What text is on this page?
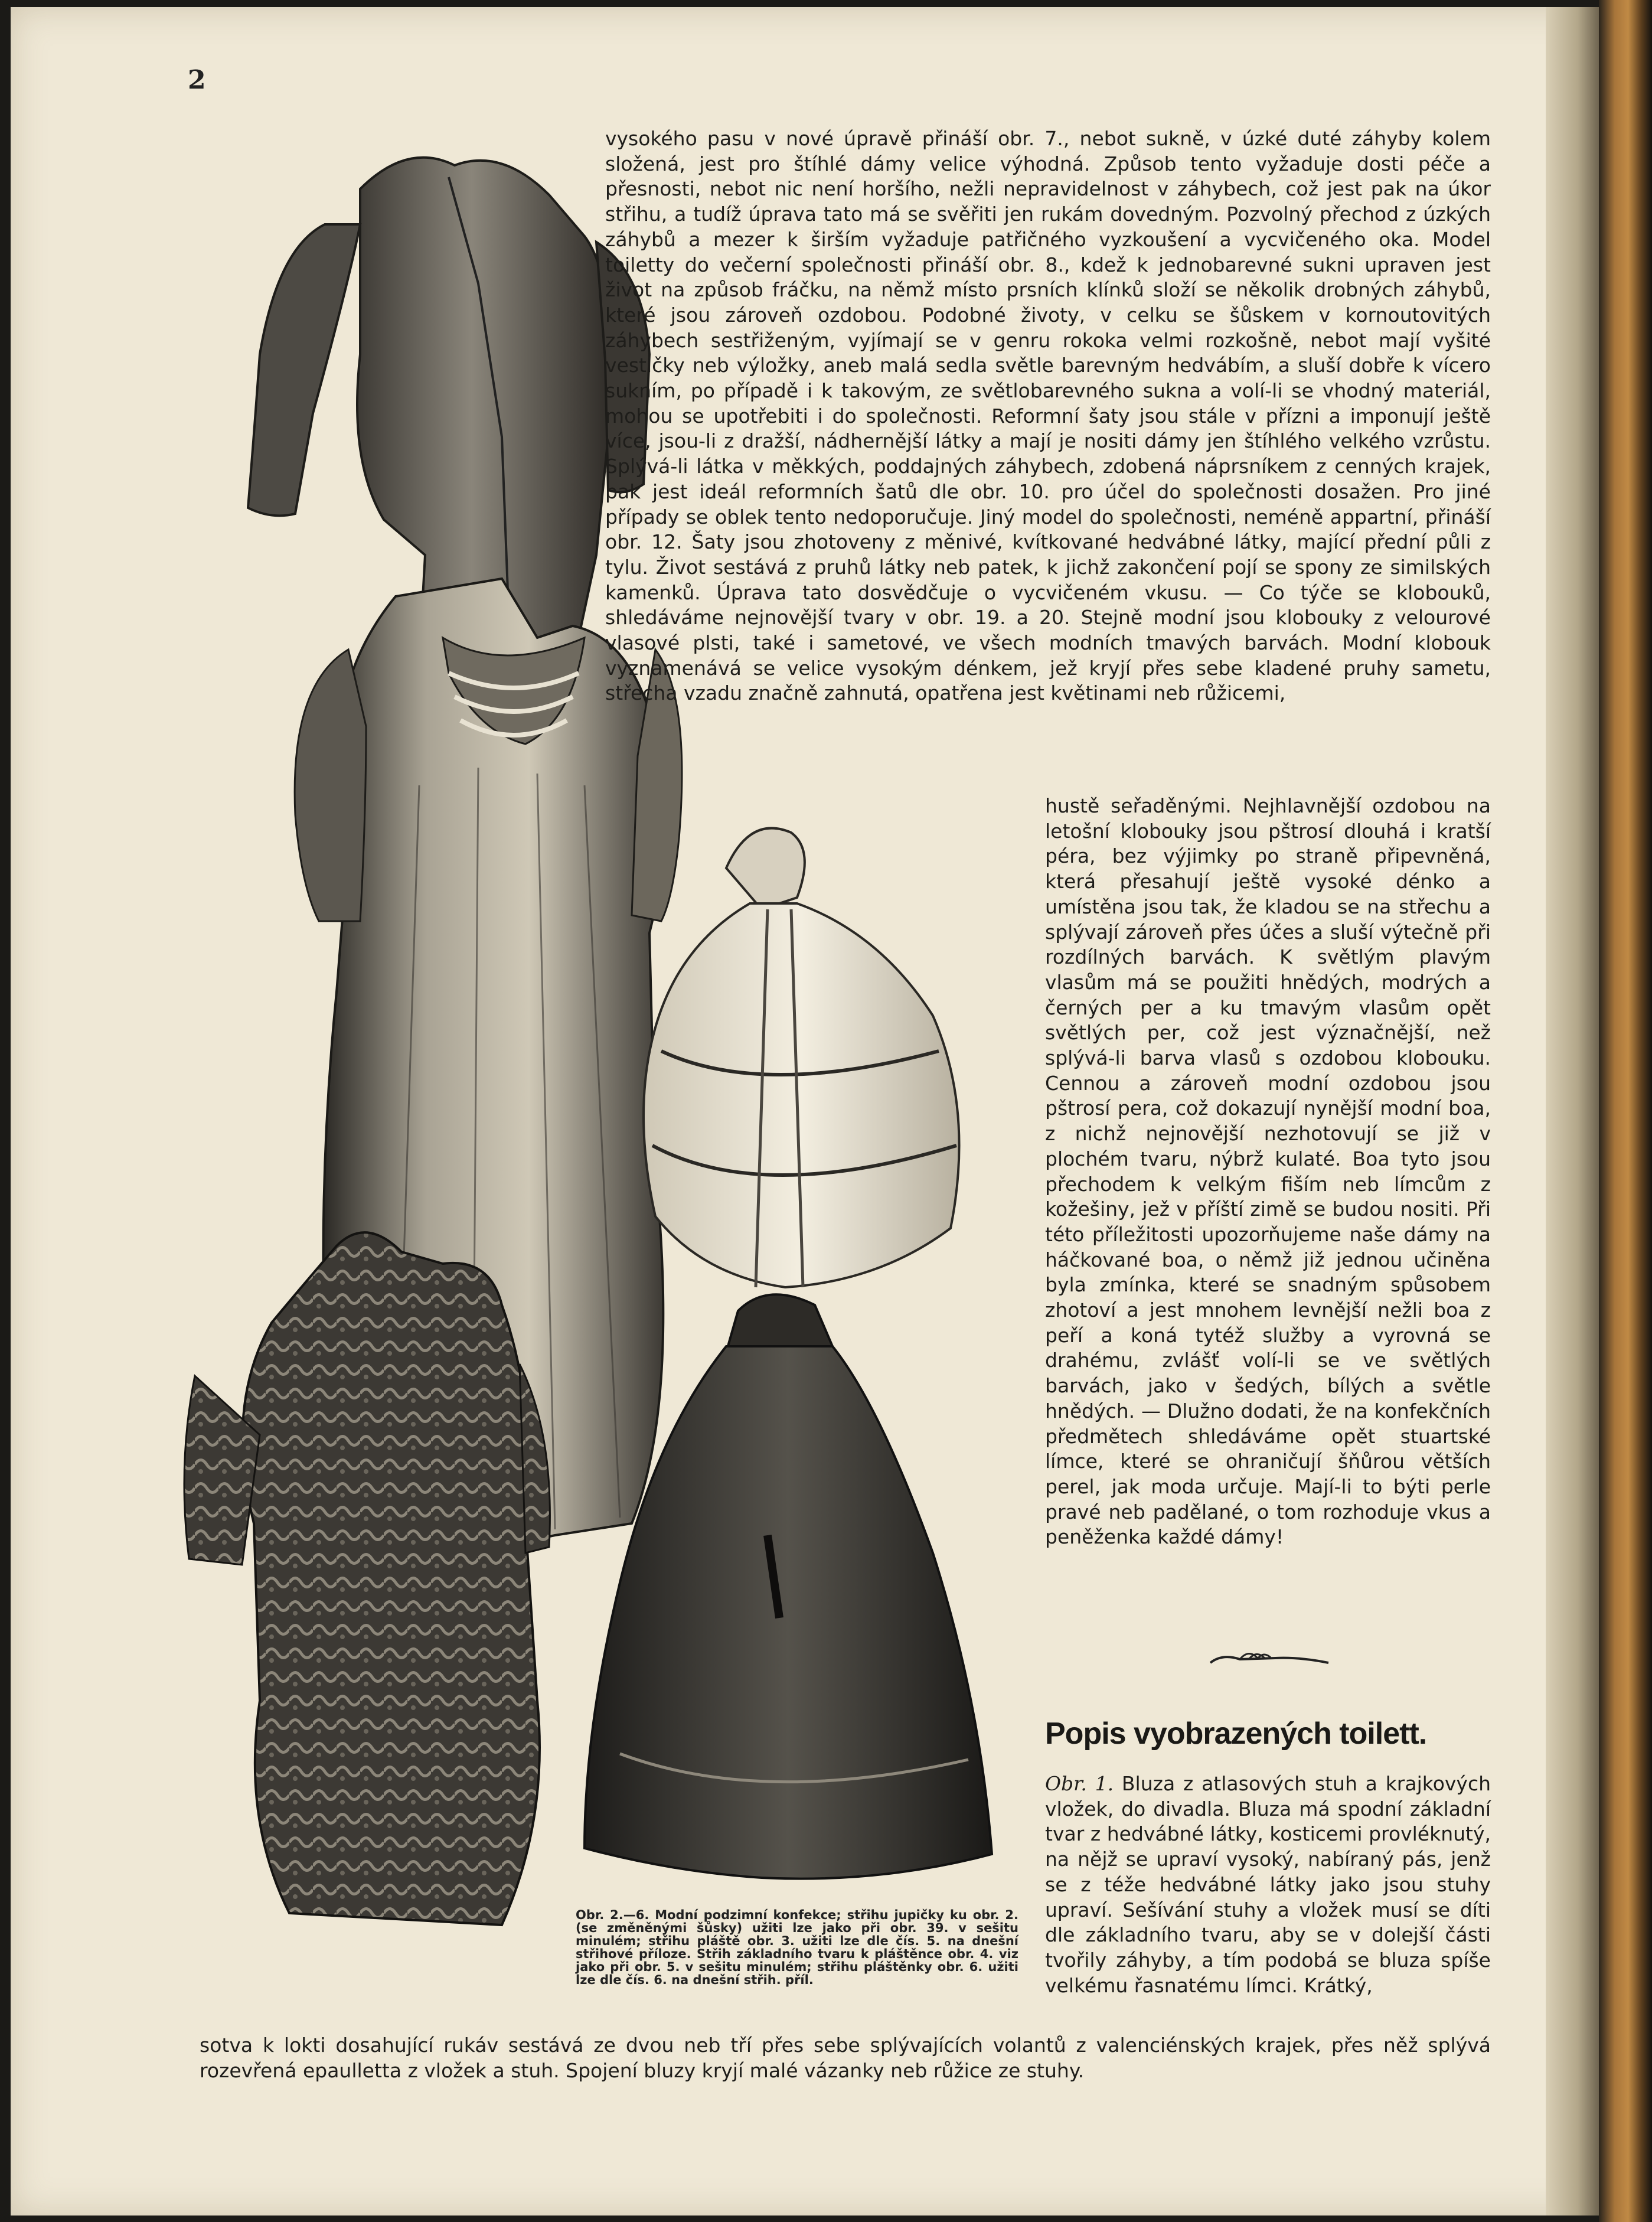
2

vysokého pasu v nové úpravě přináší obr. 7., nebot sukně, v úzké duté záhyby kolem složená, jest pro štíhlé dámy velice výhodná. Způsob tento vyžaduje dosti péče a přesnosti, nebot nic není horšího, nežli nepravidelnost v záhybech, což jest pak na úkor střihu, a tudíž úprava tato má se svěřiti jen rukám dovedným. Pozvolný přechod z úzkých záhybů a mezer k širším vyžaduje patřičného vyzkoušení a vycvičeného oka. Model toiletty do večerní společnosti přináší obr. 8., kdež k jednobarevné sukni upraven jest život na způsob fráčku, na němž místo prsních klínků složí se několik drobných záhybů, které jsou zároveň ozdobou. Podobné životy, v celku se šůskem v kornoutovitých záhybech sestřiženým, vyjímají se v genru rokoka velmi rozkošně, nebot mají vyšité vestičky neb výložky, aneb malá sedla světle barevným hedvábím, a sluší dobře k vícero sukním, po případě i k takovým, ze světlobarevného sukna a volí-li se vhodný materiál, mohou se upotřebiti i do společnosti. Reformní šaty jsou stále v přízni a imponují ještě více, jsou-li z dražší, nádhernější látky a mají je nositi dámy jen štíhlého velkého vzrůstu. Splývá-li látka v měkkých, poddajných záhybech, zdobená náprsníkem z cenných krajek, pak jest ideál reformních šatů dle obr. 10. pro účel do společnosti dosažen. Pro jiné případy se oblek tento nedoporučuje. Jiný model do společnosti, neméně appartní, přináší obr. 12. Šaty jsou zhotoveny z měnivé, kvítkované hedvábné látky, mající přední půli z tylu. Život sestává z pruhů látky neb patek, k jichž zakončení pojí se spony ze similských kamenků. Úprava tato dosvědčuje o vycvičeném vkusu. — Co týče se klobouků, shledáváme nejnovější tvary v obr. 19. a 20. Stejně modní jsou klobouky z velourové vlasové plsti, také i sametové, ve všech modních tmavých barvách. Modní klobouk vyznamenává se velice vysokým dénkem, jež kryjí přes sebe kladené pruhy sametu, střecha vzadu značně zahnutá, opatřena jest květinami neb růžicemi,

hustě seřaděnými. Nejhlavnější ozdobou na letošní klobouky jsou pštrosí dlouhá i kratší péra, bez výjimky po straně připevněná, která přesahují ještě vysoké dénko a umístěna jsou tak, že kladou se na střechu a splývají zároveň přes účes a sluší výtečně při rozdílných barvách. K světlým plavým vlasům má se použiti hnědých, modrých a černých per a ku tmavým vlasům opět světlých per, což jest význačnější, než splývá-li barva vlasů s ozdobou klobouku. Cennou a zároveň modní ozdobou jsou pštrosí pera, což dokazují nynější modní boa, z nichž nejnovější nezhotovují se již v plochém tvaru, nýbrž kulaté. Boa tyto jsou přechodem k velkým fiším neb límcům z kožešiny, jež v příští zimě se budou nositi. Při této příležitosti upozorňujeme naše dámy na háčkované boa, o němž již jednou učiněna byla zmínka, které se snadným spůsobem zhotoví a jest mnohem levnější nežli boa z peří a koná tytéž služby a vyrovná se drahému, zvlášť volí-li se ve světlých barvách, jako v šedých, bílých a světle hnědých. — Dlužno dodati, že na konfekčních předmětech shledáváme opět stuartské límce, které se ohraničují šňůrou větších perel, jak moda určuje. Mají-li to býti perle pravé neb padělané, o tom rozhoduje vkus a peněženka každé dámy!

Popis vyobrazených toilett.

Obr. 1. Bluza z atlasových stuh a krajkových vložek, do divadla. Bluza má spodní základní tvar z hedvábné látky, kosticemi provléknutý, na nějž se upraví vysoký, nabíraný pás, jenž se z téže hedvábné látky jako jsou stuhy upraví. Sešívání stuhy a vložek musí se díti dle základního tvaru, aby se v dolejší části tvořily záhyby, a tím podobá se bluza spíše velkému řasnatému límci. Krátký,

Obr. 2.—6. Modní podzimní konfekce; střihu jupičky ku obr. 2. (se změněnými šůsky) užiti lze jako při obr. 39. v sešitu minulém; střihu pláště obr. 3. užiti lze dle čís. 5. na dnešní střihové příloze. Střih základního tvaru k pláštěnce obr. 4. viz jako při obr. 5. v sešitu minulém; střihu pláštěnky obr. 6. užiti lze dle čís. 6. na dnešní střih. příl.

sotva k lokti dosahující rukáv sestává ze dvou neb tří přes sebe splývajících volantů z valenciénských krajek, přes něž splývá rozevřená epaulletta z vložek a stuh. Spojení bluzy kryjí malé vázanky neb růžice ze stuhy.
